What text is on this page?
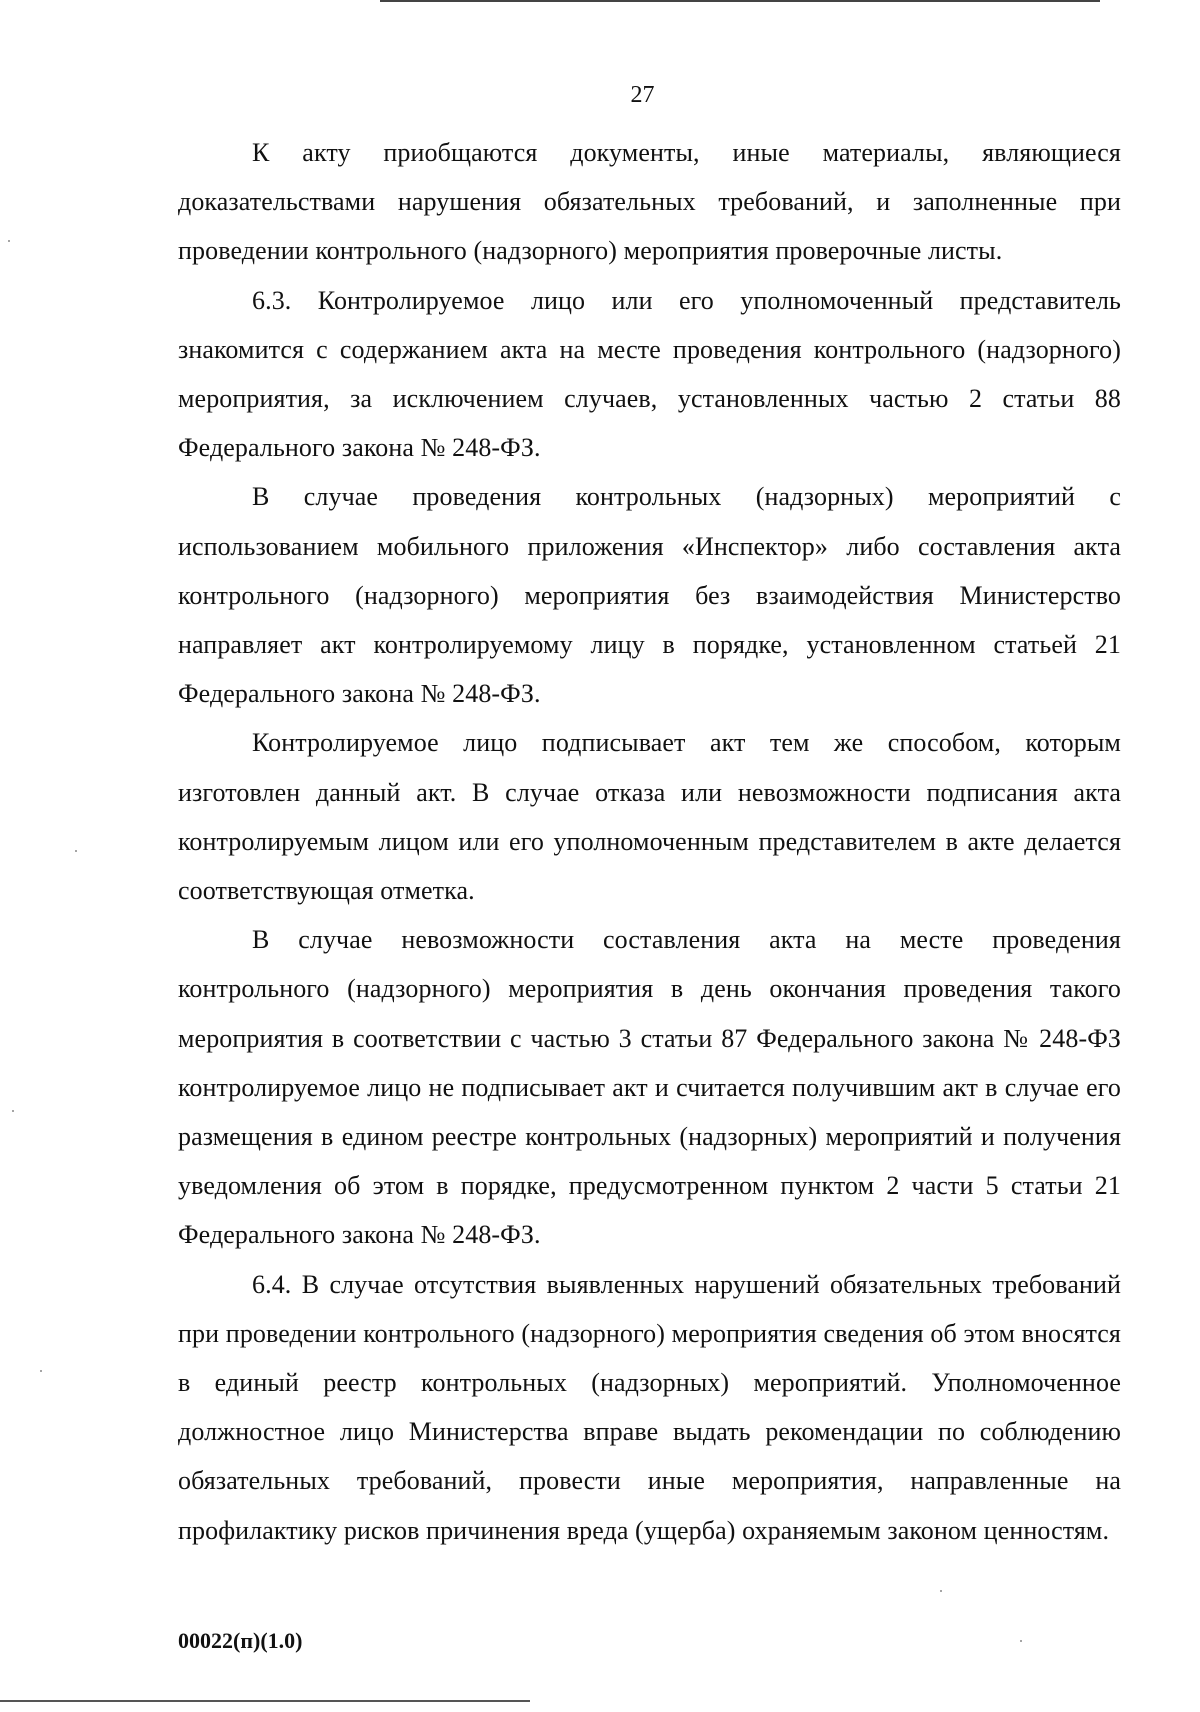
27

К акту приобщаются документы, иные материалы, являющиеся доказательствами нарушения обязательных требований, и заполненные при проведении контрольного (надзорного) мероприятия проверочные листы.

6.3. Контролируемое лицо или его уполномоченный представитель знакомится с содержанием акта на месте проведения контрольного (надзорного) мероприятия, за исключением случаев, установленных частью 2 статьи 88 Федерального закона № 248-ФЗ.

В случае проведения контрольных (надзорных) мероприятий с использованием мобильного приложения «Инспектор» либо составления акта контрольного (надзорного) мероприятия без взаимодействия Министерство направляет акт контролируемому лицу в порядке, установленном статьей 21 Федерального закона № 248-ФЗ.

Контролируемое лицо подписывает акт тем же способом, которым изготовлен данный акт. В случае отказа или невозможности подписания акта контролируемым лицом или его уполномоченным представителем в акте делается соответствующая отметка.

В случае невозможности составления акта на месте проведения контрольного (надзорного) мероприятия в день окончания проведения такого мероприятия в соответствии с частью 3 статьи 87 Федерального закона № 248-ФЗ контролируемое лицо не подписывает акт и считается получившим акт в случае его размещения в едином реестре контрольных (надзорных) мероприятий и получения уведомления об этом в порядке, предусмотренном пунктом 2 части 5 статьи 21 Федерального закона № 248-ФЗ.

6.4. В случае отсутствия выявленных нарушений обязательных требований при проведении контрольного (надзорного) мероприятия сведения об этом вносятся в единый реестр контрольных (надзорных) мероприятий. Уполномоченное должностное лицо Министерства вправе выдать рекомендации по соблюдению обязательных требований, провести иные мероприятия, направленные на профилактику рисков причинения вреда (ущерба) охраняемым законом ценностям.

00022(п)(1.0)
